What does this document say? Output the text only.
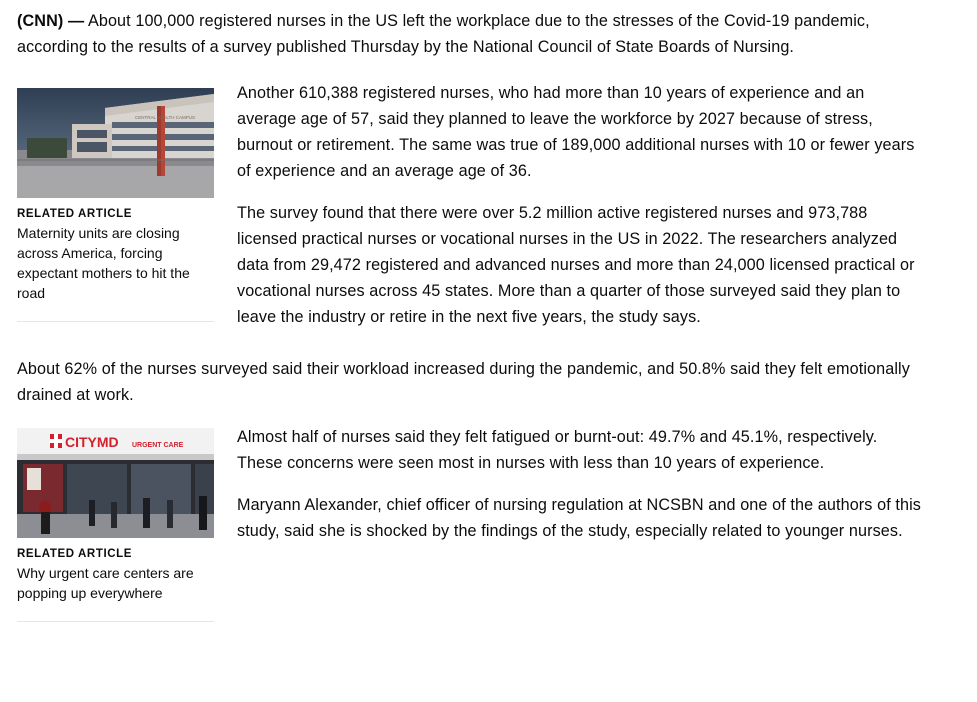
(CNN) — About 100,000 registered nurses in the US left the workplace due to the stresses of the Covid-19 pandemic, according to the results of a survey published Thursday by the National Council of State Boards of Nursing.

CENTRAL HEALTH CAMPUS
RELATED ARTICLE
Maternity units are closing across America, forcing expectant mothers to hit the road

Another 610,388 registered nurses, who had more than 10 years of experience and an average age of 57, said they planned to leave the workforce by 2027 because of stress, burnout or retirement. The same was true of 189,000 additional nurses with 10 or fewer years of experience and an average age of 36.

The survey found that there were over 5.2 million active registered nurses and 973,788 licensed practical nurses or vocational nurses in the US in 2022. The researchers analyzed data from 29,472 registered and advanced nurses and more than 24,000 licensed practical or vocational nurses across 45 states. More than a quarter of those surveyed said they plan to leave the industry or retire in the next five years, the study says.

About 62% of the nurses surveyed said their workload increased during the pandemic, and 50.8% said they felt emotionally drained at work.

CITYMD URGENT CARE
RELATED ARTICLE
Why urgent care centers are popping up everywhere

Almost half of nurses said they felt fatigued or burnt-out: 49.7% and 45.1%, respectively. These concerns were seen most in nurses with less than 10 years of experience.

Maryann Alexander, chief officer of nursing regulation at NCSBN and one of the authors of this study, said she is shocked by the findings of the study, especially related to younger nurses.
